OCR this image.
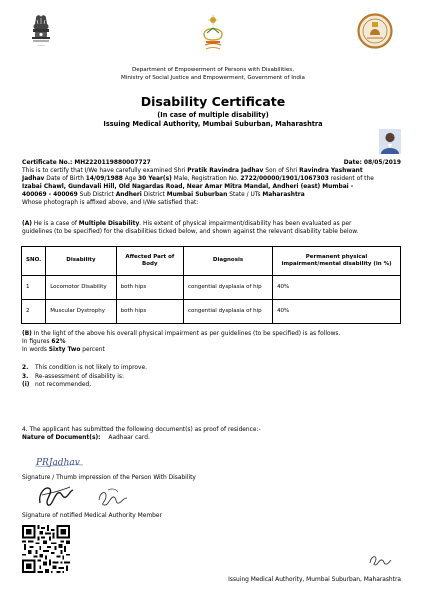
~~~
Department of Empowerment of Persons with Disabilities,
Ministry of Social Justice and Empowerment, Government of India
Disability Certificate
(In case of multiple disability)
Issuing Medical Authority, Mumbai Suburban, Maharashtra
Certificate No.: MH2220119880007727	Date: 08/05/2019
This is to certify that I/We have carefully examined Shri Pratik Ravindra Jadhav Son of Shri Ravindra Yashwant
Jadhav Date of Birth 14/09/1988 Age 30 Year(s) Male, Registration No. 2722/00000/1901/1067303 resident of the
Izabai Chawl, Gundavali Hill, Old Nagardas Road, Near Amar Mitra Mandal, Andheri (east) Mumbai -
400069 - 400069 Sub District Andheri District Mumbai Suburban State / UTs Maharashtra
Whose photograph is affixed above, and I/We satisfied that:
(A) He is a case of Multiple Disability. His extent of physical impairment/disability has been evaluated as per
guidelines (to be specified) for the disabilities ticked below, and shown against the relevant disability table below.
SNO.	Disability	Affected Part of Body	Diagnosis	Permanent physical impairment/mental disability (in %)
1	Locomotor Disability	both hips	congential dysplasia of hip	40%
2	Muscular Dystrophy	both hips	congential dysplasia of hip	40%
(B) In the light of the above his overall physical impairment as per guidelines (to be specified) is as follows.
In figures 62%
In words Sixty Two percent
2. This condition is not likely to improve.
3. Re-assessment of disability is:
(i) not recommended,
4. The applicant has submitted the following document(s) as proof of residence:-
Nature of Document(s): Aadhaar card.
PRJadhav
Signature / Thumb impression of the Person With Disability
Signature of notified Medical Authority Member
Issuing Medical Authority, Mumbai Suburban, Maharashtra
